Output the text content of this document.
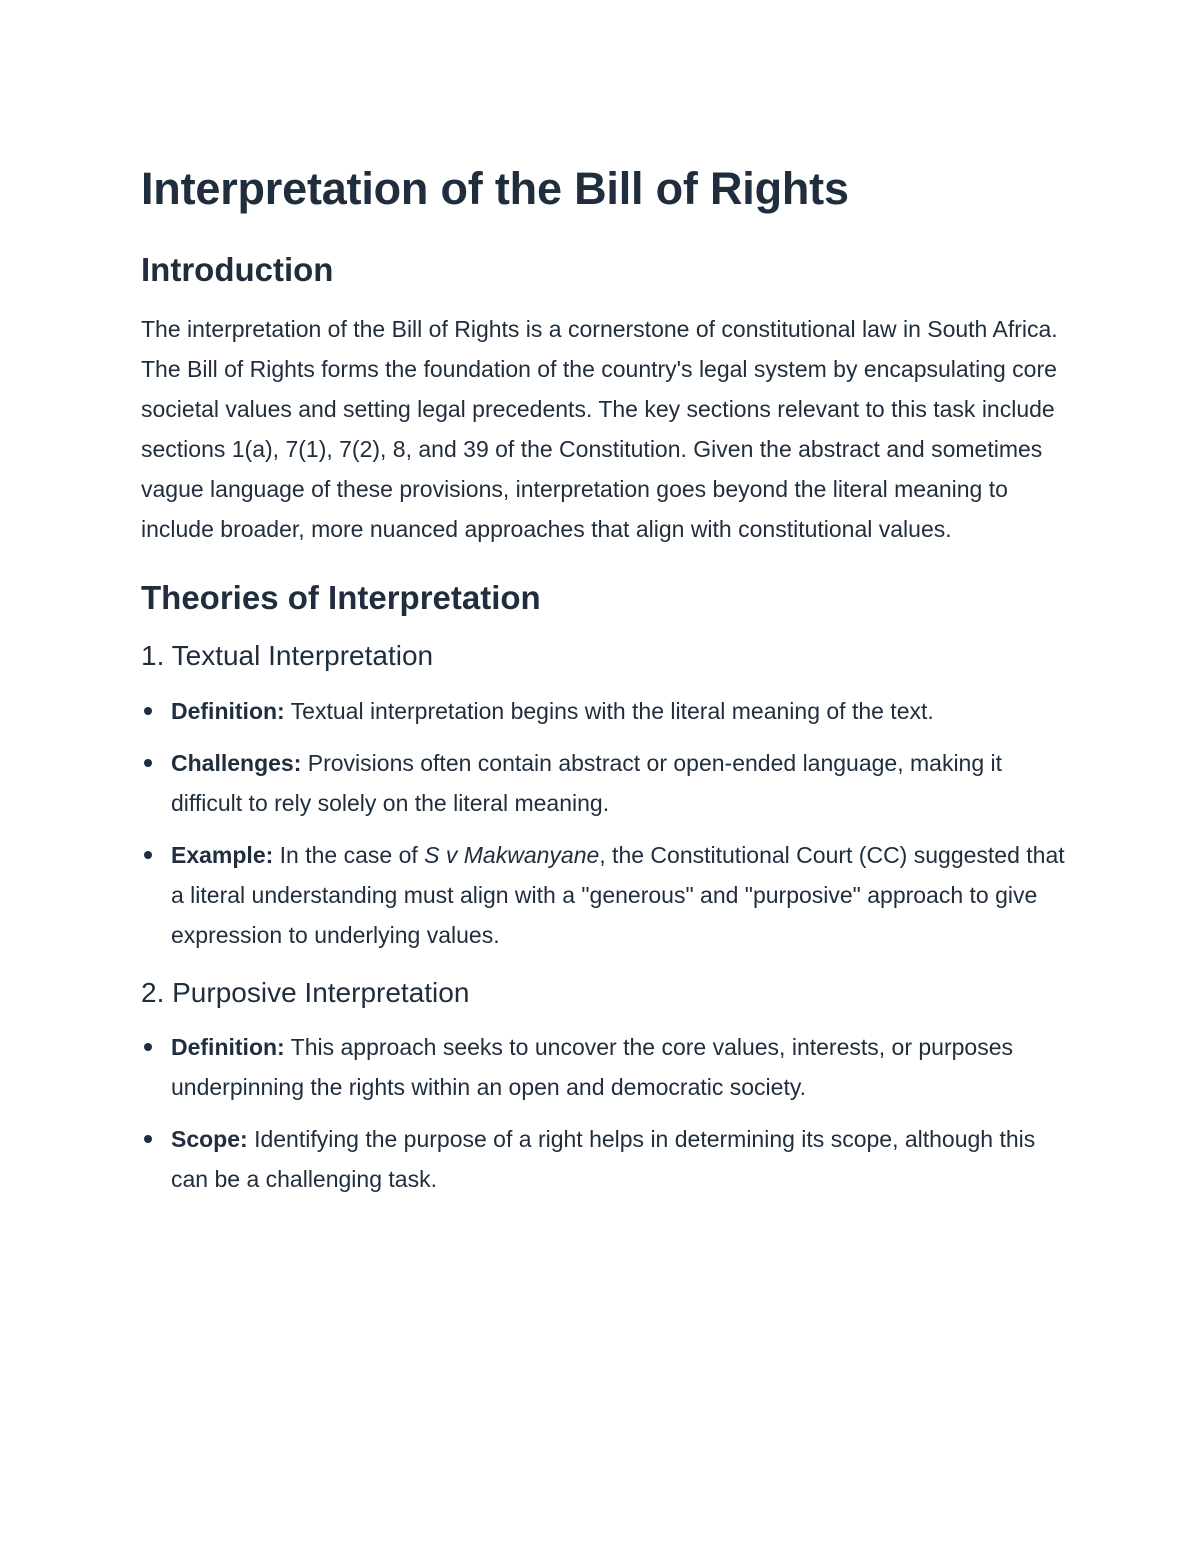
Interpretation of the Bill of Rights
Introduction

The interpretation of the Bill of Rights is a cornerstone of constitutional law in South Africa. The Bill of Rights forms the foundation of the country's legal system by encapsulating core societal values and setting legal precedents. The key sections relevant to this task include sections 1(a), 7(1), 7(2), 8, and 39 of the Constitution. Given the abstract and sometimes vague language of these provisions, interpretation goes beyond the literal meaning to include broader, more nuanced approaches that align with constitutional values.

Theories of Interpretation
1. Textual Interpretation
Definition: Textual interpretation begins with the literal meaning of the text.
Challenges: Provisions often contain abstract or open-ended language, making it difficult to rely solely on the literal meaning.
Example: In the case of S v Makwanyane, the Constitutional Court (CC) suggested that a literal understanding must align with a "generous" and "purposive" approach to give expression to underlying values.
2. Purposive Interpretation
Definition: This approach seeks to uncover the core values, interests, or purposes underpinning the rights within an open and democratic society.
Scope: Identifying the purpose of a right helps in determining its scope, although this can be a challenging task.
